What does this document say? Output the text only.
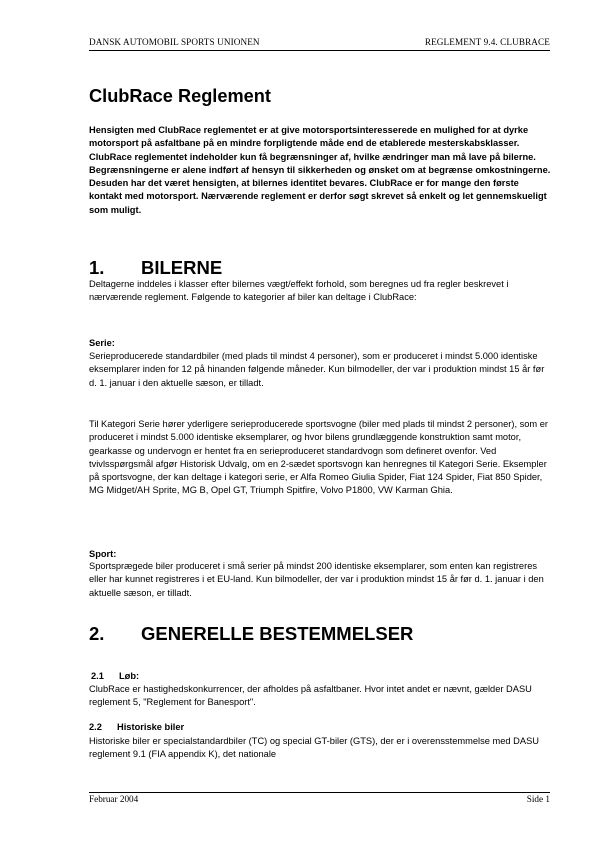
DANSK AUTOMOBIL SPORTS UNIONEN	REGLEMENT 9.4. CLUBRACE
ClubRace Reglement

Hensigten med ClubRace reglementet er at give motorsportsinteresserede en mulighed for at dyrke motorsport på asfaltbane på en mindre forpligtende måde end de etablerede mesterskabsklasser. ClubRace reglementet indeholder kun få begrænsninger af, hvilke ændringer man må lave på bilerne. Begrænsningerne er alene indført af hensyn til sikkerheden og ønsket om at begrænse omkostningerne. Desuden har det været hensigten, at bilernes identitet bevares. ClubRace er for mange den første kontakt med motorsport. Nærværende reglement er derfor søgt skrevet så enkelt og let gennemskueligt som muligt.

1. BILERNE

Deltagerne inddeles i klasser efter bilernes vægt/effekt forhold, som beregnes ud fra regler beskrevet i nærværende reglement. Følgende to kategorier af biler kan deltage i ClubRace:

Serie:

Serieproducerede standardbiler (med plads til mindst 4 personer), som er produceret i mindst 5.000 identiske eksemplarer inden for 12 på hinanden følgende måneder. Kun bilmodeller, der var i produktion mindst 15 år før d. 1. januar i den aktuelle sæson, er tilladt.

Til Kategori Serie hører yderligere serieproducerede sportsvogne (biler med plads til mindst 2 personer), som er produceret i mindst 5.000 identiske eksemplarer, og hvor bilens grundlæggende konstruktion samt motor, gearkasse og undervogn er hentet fra en serieproduceret standardvogn som defineret ovenfor. Ved tvivlsspørgsmål afgør Historisk Udvalg, om en 2-sædet sportsvogn kan henregnes til Kategori Serie. Eksempler på sportsvogne, der kan deltage i kategori serie, er Alfa Romeo Giulia Spider, Fiat 124 Spider, Fiat 850 Spider, MG Midget/AH Sprite, MG B, Opel GT, Triumph Spitfire, Volvo P1800, VW Karman Ghia.

Sport:

Sportsprægede biler produceret i små serier på mindst 200 identiske eksemplarer, som enten kan registreres eller har kunnet registreres i et EU-land. Kun bilmodeller, der var i produktion mindst 15 år før d. 1. januar i den aktuelle sæson, er tilladt.

2. GENERELLE BESTEMMELSER
2.1 Løb:

ClubRace er hastighedskonkurrencer, der afholdes på asfaltbaner. Hvor intet andet er nævnt, gælder DASU reglement 5, "Reglement for Banesport".

2.2 Historiske biler

Historiske biler er specialstandardbiler (TC) og special GT-biler (GTS), der er i overensstemmelse med DASU reglement 9.1 (FIA appendix K), det nationale

Februar 2004	Side 1
